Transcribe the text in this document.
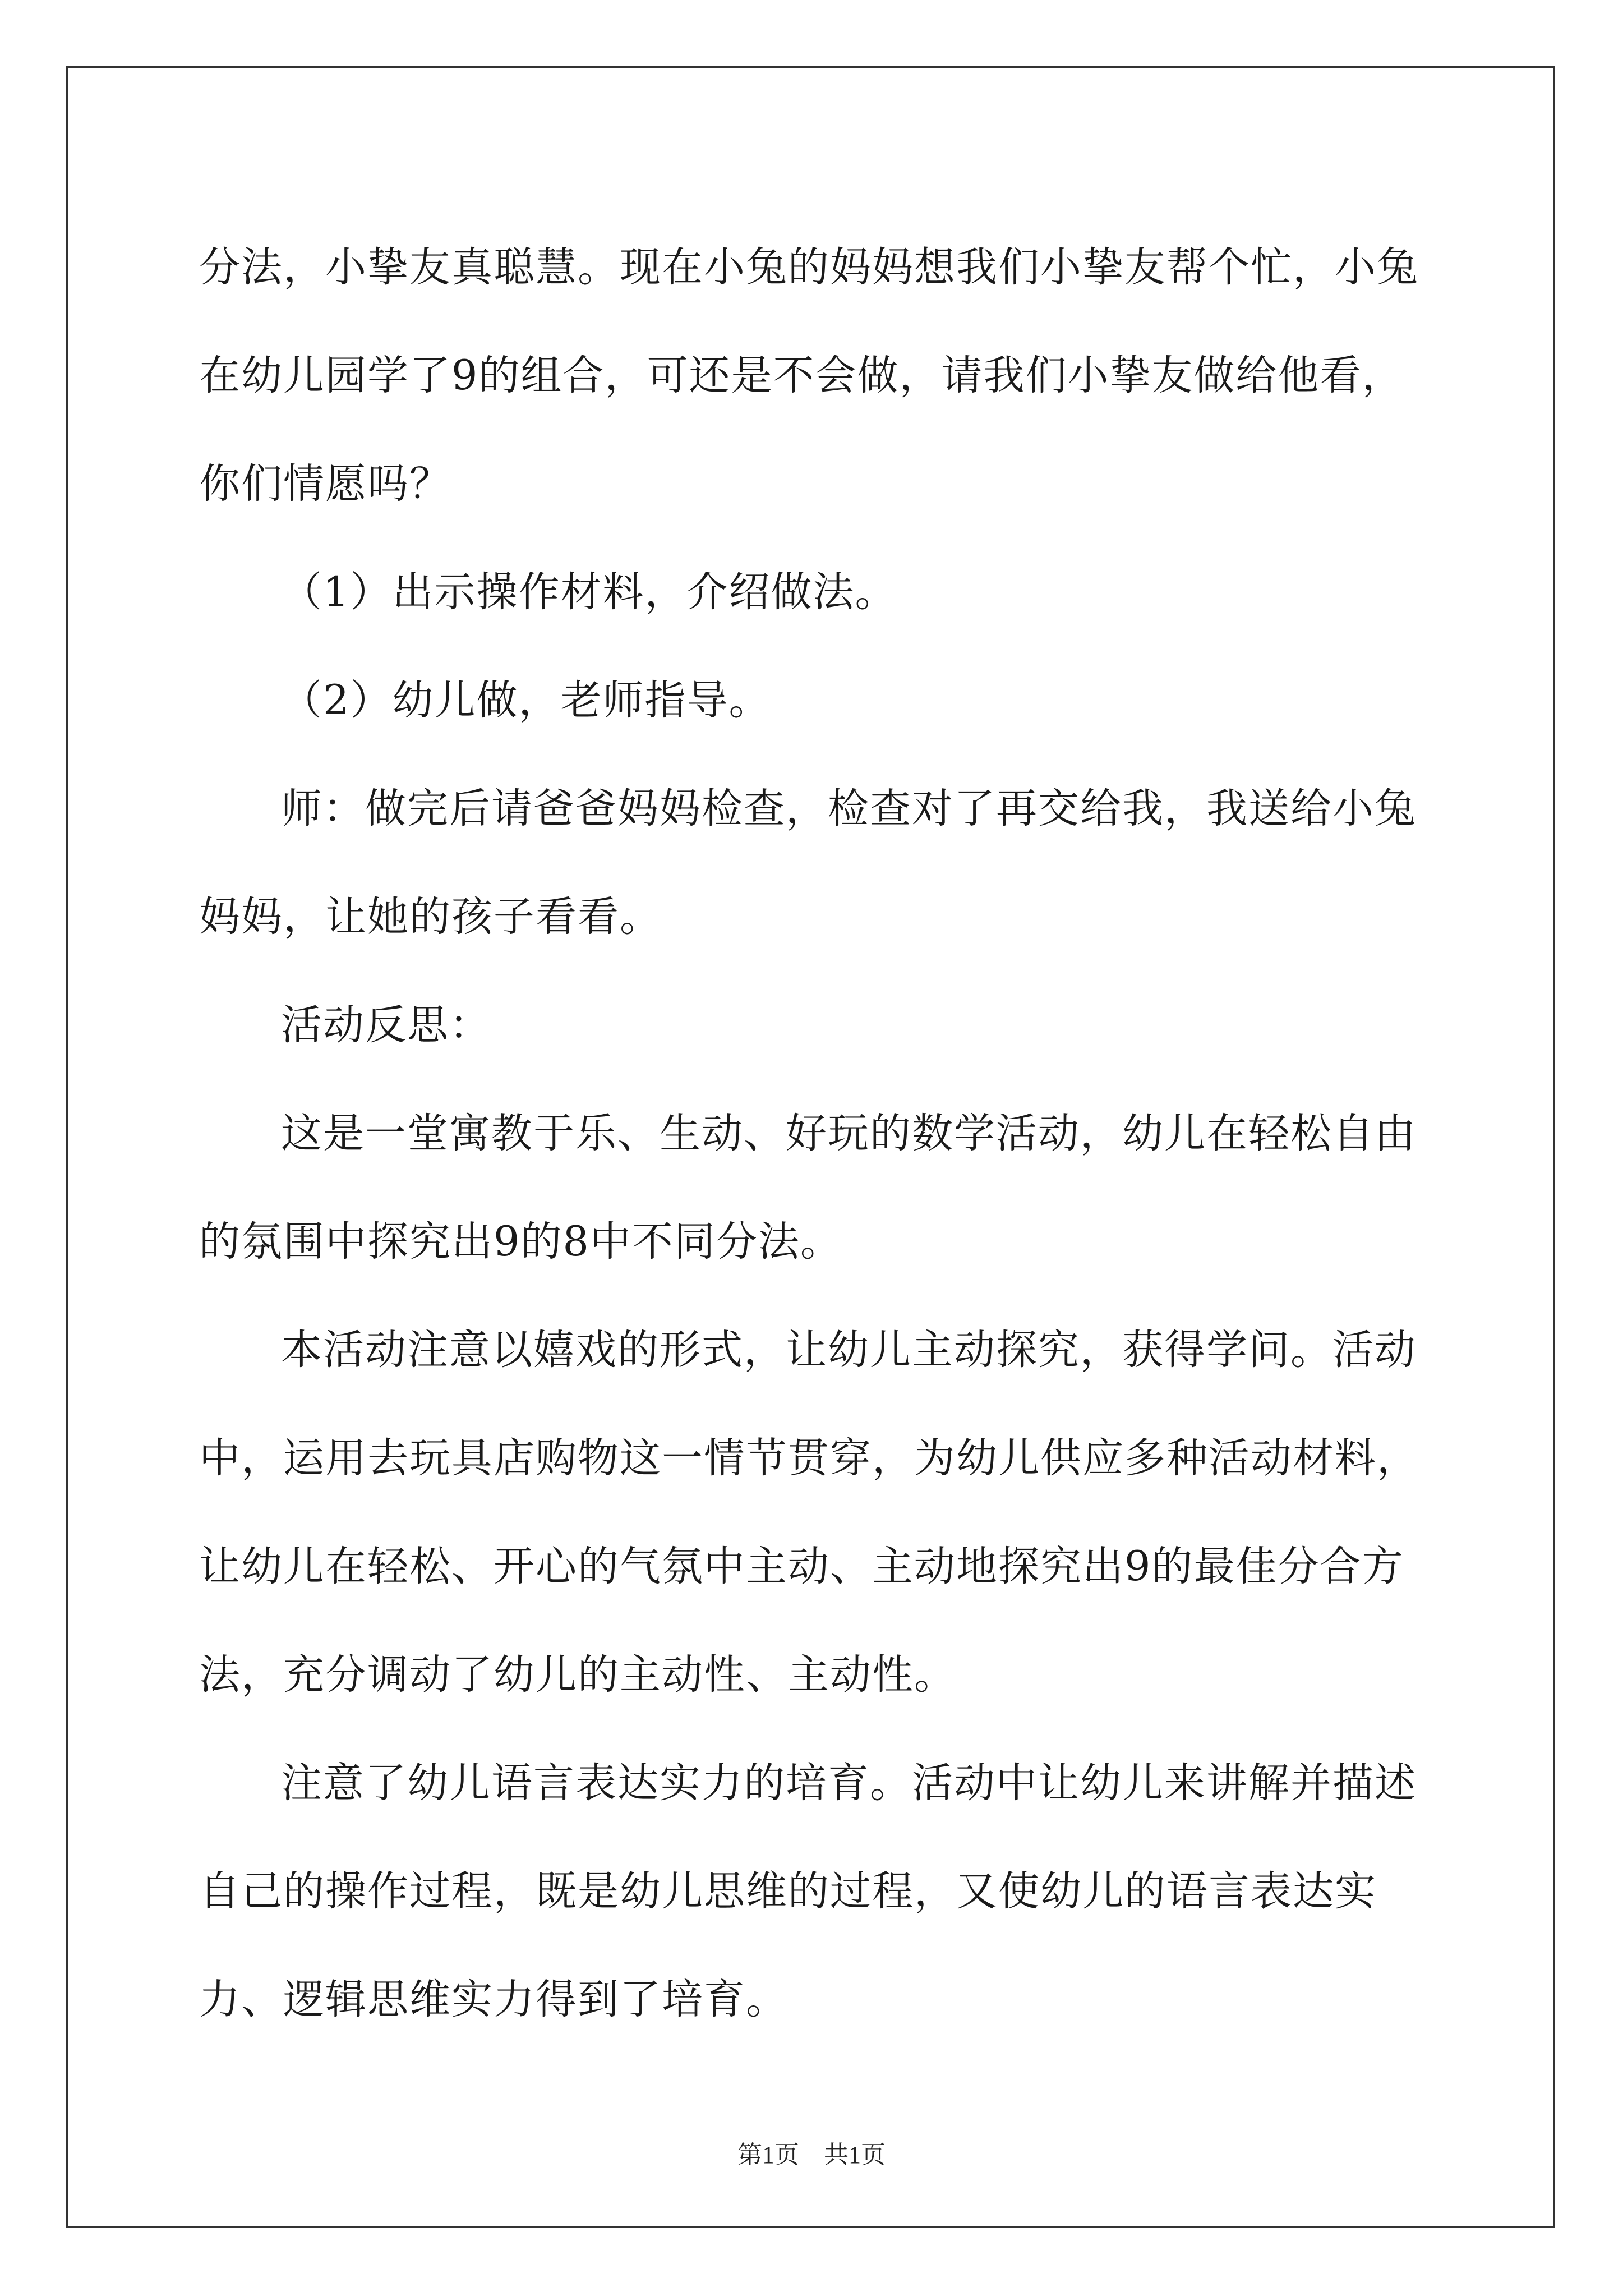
分法，小挚友真聪慧。现在小兔的妈妈想我们小挚友帮个忙，小兔在幼儿园学了9的组合，可还是不会做，请我们小挚友做给他看，你们情愿吗？

（1）出示操作材料，介绍做法。

（2）幼儿做，老师指导。

师：做完后请爸爸妈妈检查，检查对了再交给我，我送给小兔妈妈，让她的孩子看看。

活动反思：

这是一堂寓教于乐、生动、好玩的数学活动，幼儿在轻松自由的氛围中探究出9的8中不同分法。

本活动注意以嬉戏的形式，让幼儿主动探究，获得学问。活动中，运用去玩具店购物这一情节贯穿，为幼儿供应多种活动材料，让幼儿在轻松、开心的气氛中主动、主动地探究出9的最佳分合方法，充分调动了幼儿的主动性、主动性。

注意了幼儿语言表达实力的培育。活动中让幼儿来讲解并描述自己的操作过程，既是幼儿思维的过程，又使幼儿的语言表达实力、逻辑思维实力得到了培育。

第1页　共1页
